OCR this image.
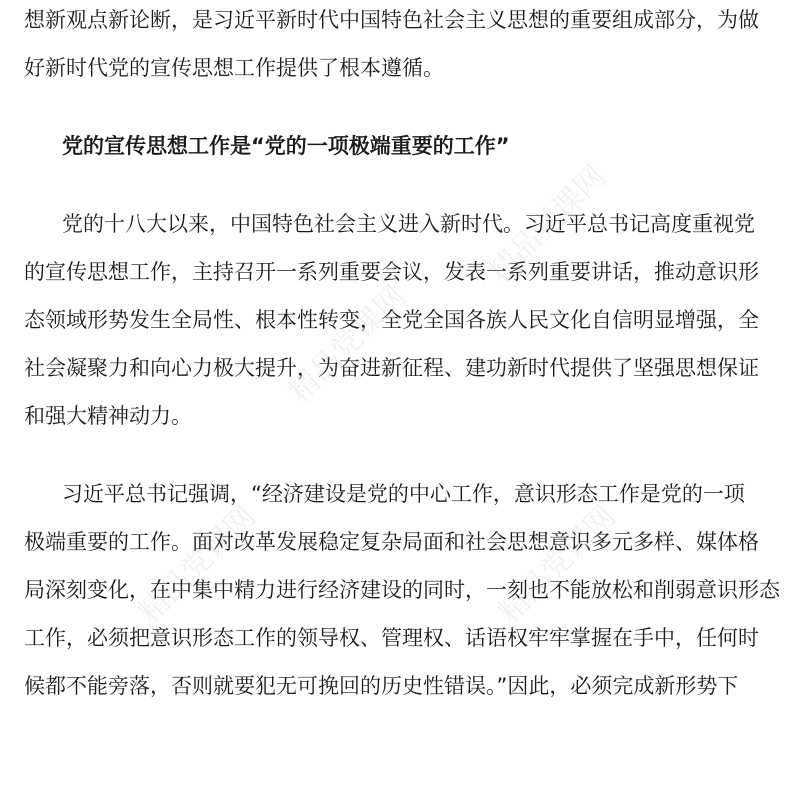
想新观点新论断，是习近平新时代中国特色社会主义思想的重要组成部分，为做
好新时代党的宣传思想工作提供了根本遵循。
党的宣传思想工作是“党的一项极端重要的工作”
党的十八大以来，中国特色社会主义进入新时代。习近平总书记高度重视党
的宣传思想工作，主持召开一系列重要会议，发表一系列重要讲话，推动意识形
态领域形势发生全局性、根本性转变，全党全国各族人民文化自信明显增强，全
社会凝聚力和向心力极大提升，为奋进新征程、建功新时代提供了坚强思想保证
和强大精神动力。
习近平总书记强调，“经济建设是党的中心工作，意识形态工作是党的一项
极端重要的工作。面对改革发展稳定复杂局面和社会思想意识多元多样、媒体格
局深刻变化，在中集中精力进行经济建设的同时，一刻也不能放松和削弱意识形态
工作，必须把意识形态工作的领导权、管理权、话语权牢牢掌握在手中，任何时
候都不能旁落，否则就要犯无可挽回的历史性错误。”因此，必须完成新形势下
精品党课网
精品党课网
精品党课网	精品党课网
